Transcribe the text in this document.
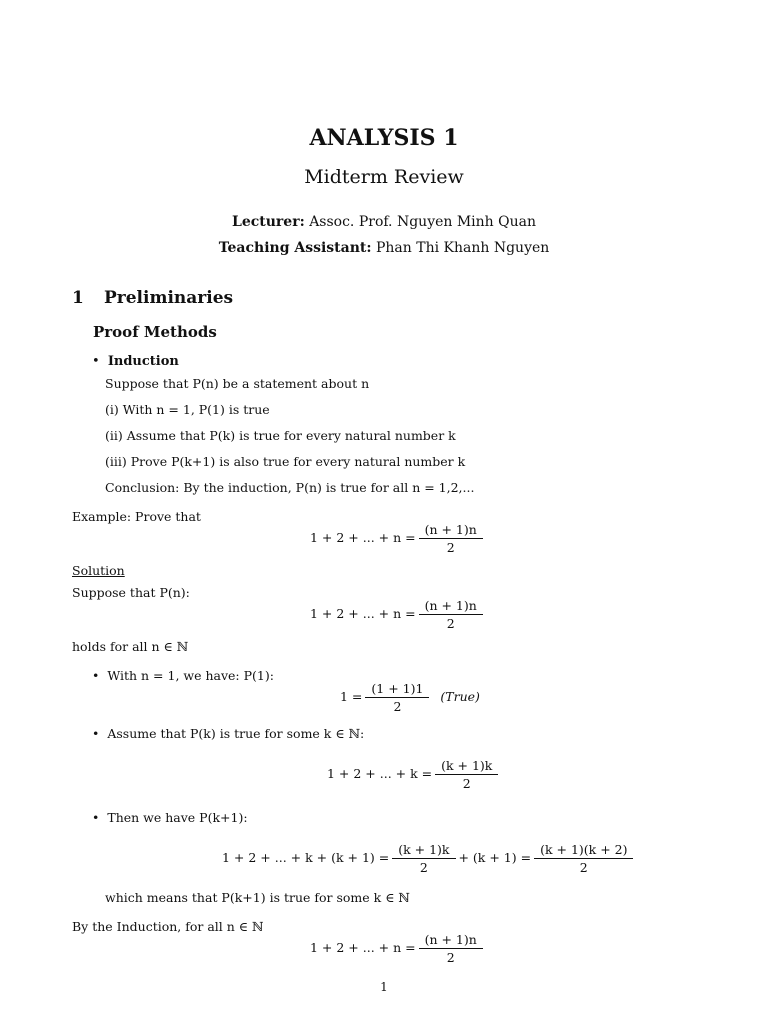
ANALYSIS 1
Midterm Review
Lecturer: Assoc. Prof. Nguyen Minh Quan
Teaching Assistant: Phan Thi Khanh Nguyen
1 Preliminaries
Proof Methods
• Induction
Suppose that P(n) be a statement about n
(i) With n = 1, P(1) is true
(ii) Assume that P(k) is true for every natural number k
(iii) Prove P(k+1) is also true for every natural number k
Conclusion: By the induction, P(n) is true for all n = 1,2,...
Example: Prove that
1 + 2 + ... + $n = \frac{(n + 1)n}{2}$
Solution
Suppose that P(n):
1 + 2 + ... + $n = \frac{(n + 1)n}{2}$
holds for all n ∈ ℕ
• With n = 1, we have: P(1):
$1 = \frac{(1 + 1)1}{2}$ (True)
• Assume that P(k) is true for some k ∈ ℕ:
1 + 2 + ... + $k = \frac{(k + 1)k}{2}$
• Then we have P(k+1):
1 + 2 + ... + $k + (k + 1) = \frac{(k + 1)k}{2} + (k + 1) = \frac{(k + 1)(k + 2)}{2}$
which means that P(k+1) is true for some k ∈ ℕ
By the Induction, for all n ∈ ℕ
1 + 2 + ... + $n = \frac{(n + 1)n}{2}$
1
